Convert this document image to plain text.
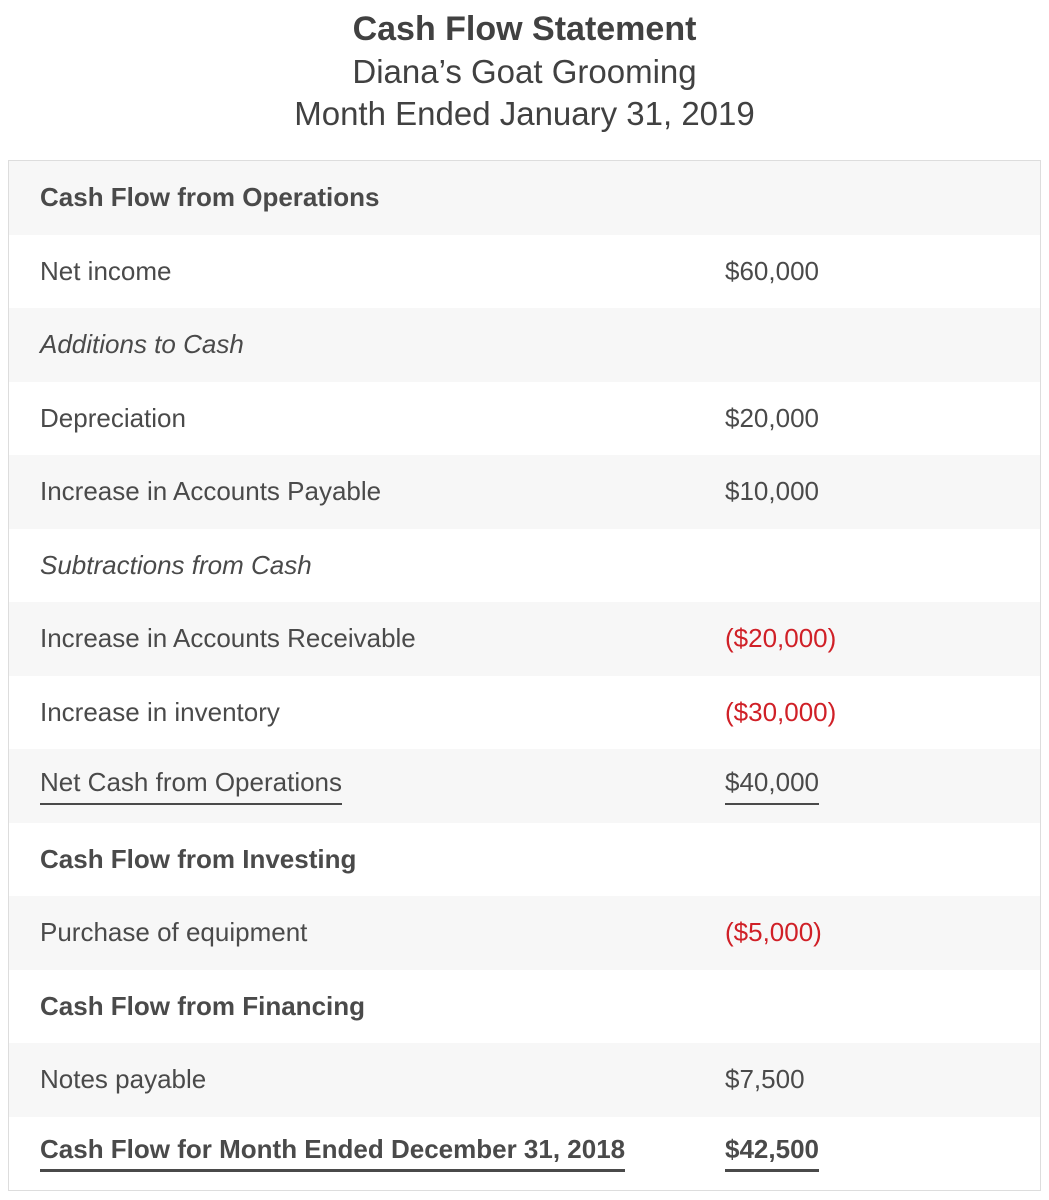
Cash Flow Statement
Diana’s Goat Grooming
Month Ended January 31, 2019
Cash Flow from Operations
Net income	$60,000
Additions to Cash
Depreciation	$20,000
Increase in Accounts Payable	$10,000
Subtractions from Cash
Increase in Accounts Receivable	($20,000)
Increase in inventory	($30,000)
Net Cash from Operations	$40,000
Cash Flow from Investing
Purchase of equipment	($5,000)
Cash Flow from Financing
Notes payable	$7,500
Cash Flow for Month Ended December 31, 2018	$42,500
